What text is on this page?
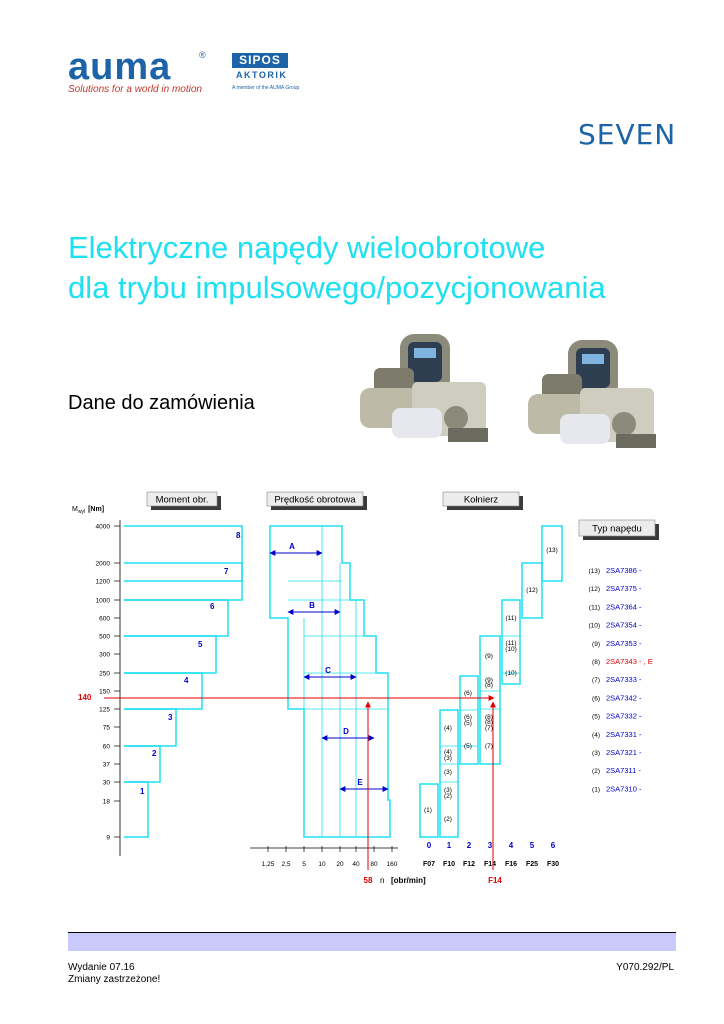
auma	®
Solutions for a world in motion
SIPOS
AKTORIK
A member of the AUMA Group
SEVEN
Elektryczne napędy wieloobrotowe
dla trybu impulsowego/pozycjonowania
Dane do zamówienia
Moment obr.	Prędkość obrotowa	Kołnierz
Typ napędu
$M_{wyl}$ [Nm]
4000
2000
1200
1000
600
500
300
250
150
125
75
60
37
30
18
9
1
2
3
4
5
6
7
8
A
B
C
D
E
1,25 2,5 5 10 20 40 80 160
58 n [obr/min]
(13)
(12)
(11)
(11)
(10)
(9)
(10)
(9)
(8)
(6)
(8)
(6)
(5) (8)
(7)
(4)
(5) (7)
(4)
(3)
(3)
(3)
(2)
(1)
(2)
0
F07
1
F10
2
F12
3
F14
4
F16
5
F25
6
F30
F14
(13) 2SA7386 -
(12) 2SA7375 -
(11) 2SA7364 -
(10) 2SA7354 -
(9) 2SA7353 -
(8) 2SA7343 - , E
(7) 2SA7333 -
(6) 2SA7342 -
(5) 2SA7332 -
(4) 2SA7331 -
(3) 2SA7321 -
(2) 2SA7311 -
(1) 2SA7310 -
140
Wydanie 07.16
Zmiany zastrzeżone!
Y070.292/PL
